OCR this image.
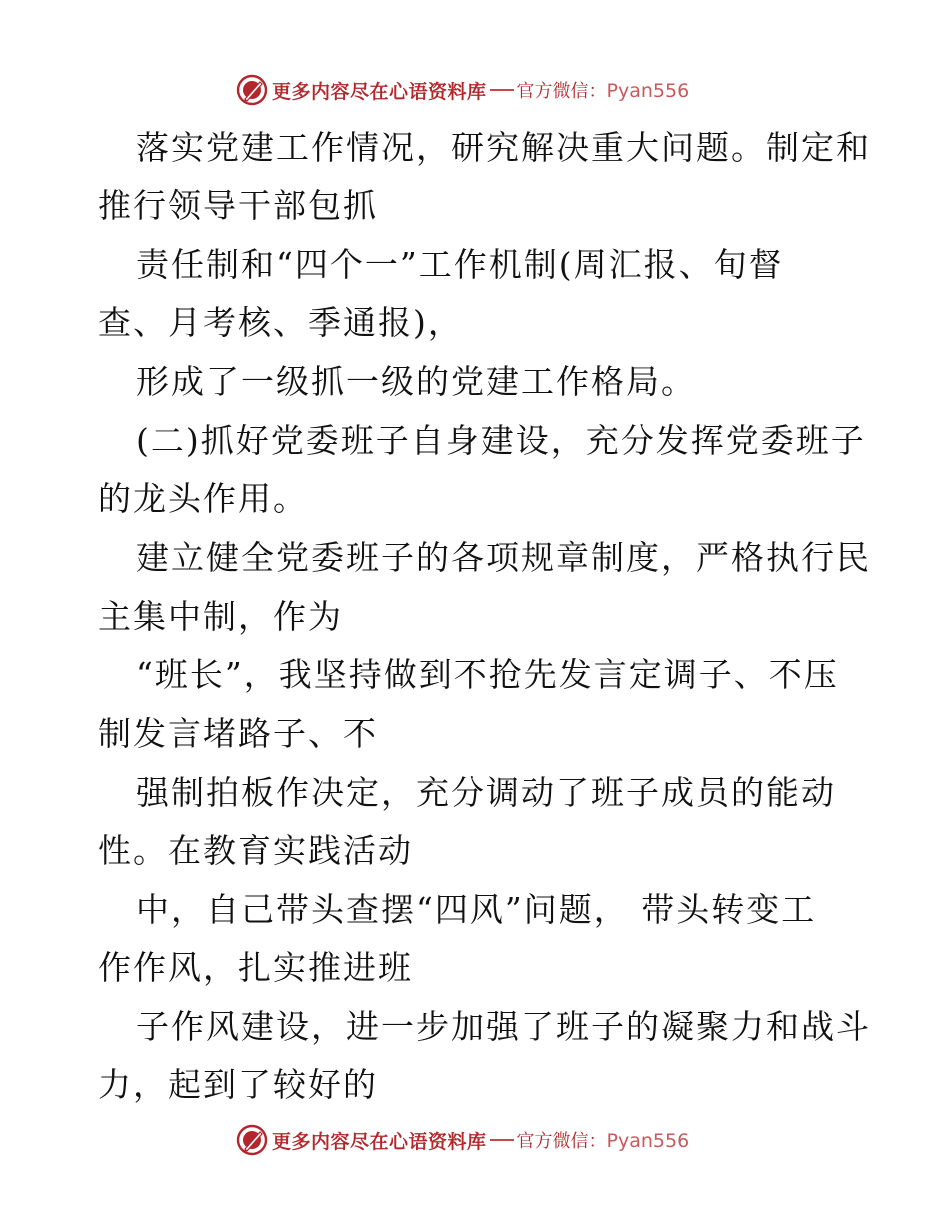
更多内容尽在心语资料库 官方微信：Pyan556

落实党建工作情况，研究解决重大问题。制定和

推行领导干部包抓

责任制和“四个一”工作机制(周汇报、旬督

查、月考核、季通报)，

形成了一级抓一级的党建工作格局。

(二)抓好党委班子自身建设，充分发挥党委班子

的龙头作用。

建立健全党委班子的各项规章制度，严格执行民

主集中制，作为

“班长”，我坚持做到不抢先发言定调子、不压

制发言堵路子、不

强制拍板作决定，充分调动了班子成员的能动

性。在教育实践活动

中，自己带头查摆“四风”问题， 带头转变工

作作风，扎实推进班

子作风建设，进一步加强了班子的凝聚力和战斗

力，起到了较好的

更多内容尽在心语资料库 官方微信：Pyan556
